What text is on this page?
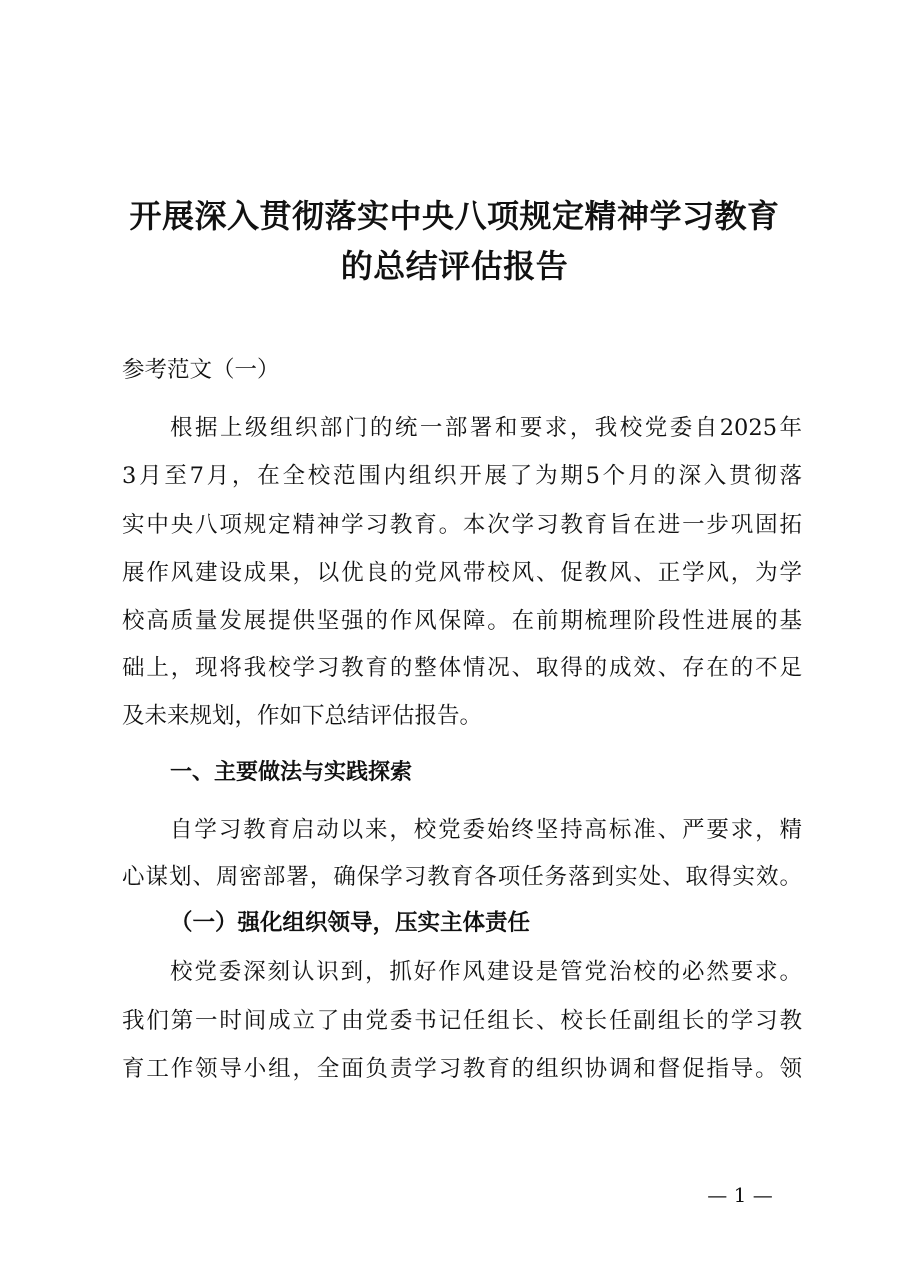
开展深入贯彻落实中央八项规定精神学习教育
的总结评估报告

参考范文（一）

根据上级组织部门的统一部署和要求，我校党委自2025年

3月至7月，在全校范围内组织开展了为期5个月的深入贯彻落

实中央八项规定精神学习教育。本次学习教育旨在进一步巩固拓

展作风建设成果，以优良的党风带校风、促教风、正学风，为学

校高质量发展提供坚强的作风保障。在前期梳理阶段性进展的基

础上，现将我校学习教育的整体情况、取得的成效、存在的不足

及未来规划，作如下总结评估报告。

一、主要做法与实践探索

自学习教育启动以来，校党委始终坚持高标准、严要求，精

心谋划、周密部署，确保学习教育各项任务落到实处、取得实效。

（一）强化组织领导，压实主体责任

校党委深刻认识到，抓好作风建设是管党治校的必然要求。

我们第一时间成立了由党委书记任组长、校长任副组长的学习教

育工作领导小组，全面负责学习教育的组织协调和督促指导。领

— 1 —
